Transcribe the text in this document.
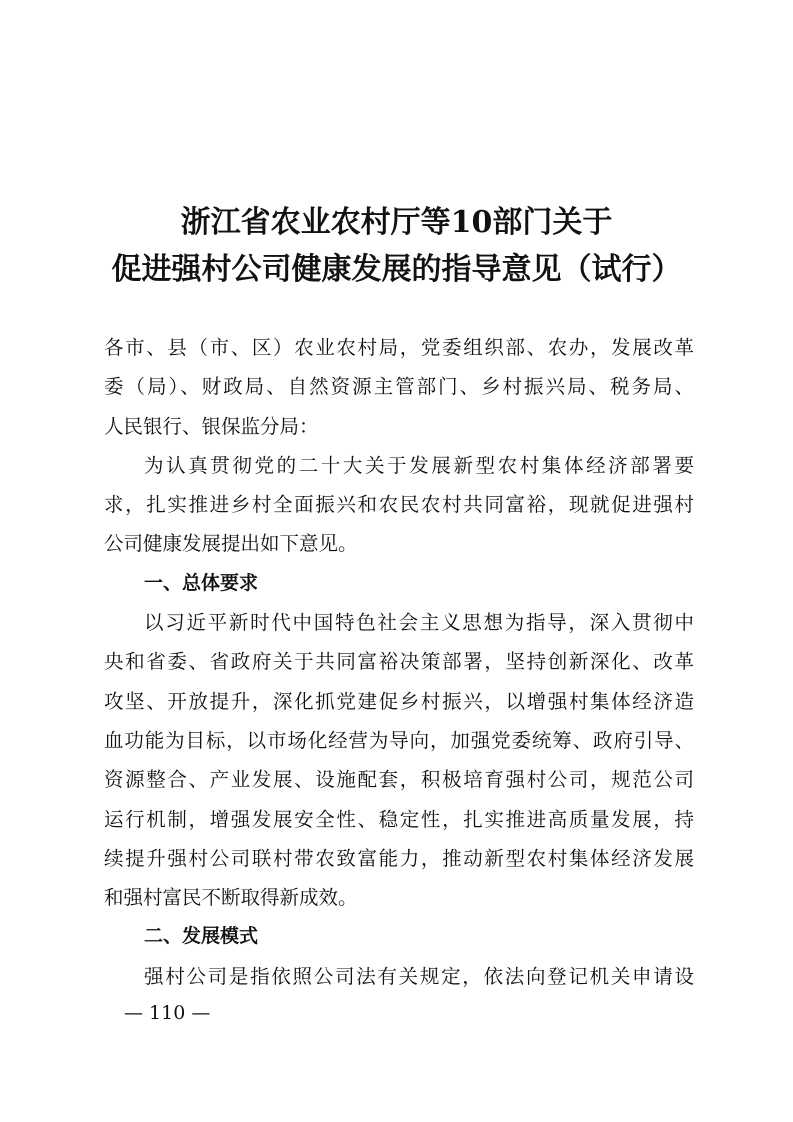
浙江省农业农村厅等10部门关于
促进强村公司健康发展的指导意见（试行）
各市、县（市、区）农业农村局，党委组织部、农办，发展改革
委（局）、财政局、自然资源主管部门、乡村振兴局、税务局、
人民银行、银保监分局：
为认真贯彻党的二十大关于发展新型农村集体经济部署要
求，扎实推进乡村全面振兴和农民农村共同富裕，现就促进强村
公司健康发展提出如下意见。
一、总体要求
以习近平新时代中国特色社会主义思想为指导，深入贯彻中
央和省委、省政府关于共同富裕决策部署，坚持创新深化、改革
攻坚、开放提升，深化抓党建促乡村振兴，以增强村集体经济造
血功能为目标，以市场化经营为导向，加强党委统筹、政府引导、
资源整合、产业发展、设施配套，积极培育强村公司，规范公司
运行机制，增强发展安全性、稳定性，扎实推进高质量发展，持
续提升强村公司联村带农致富能力，推动新型农村集体经济发展
和强村富民不断取得新成效。
二、发展模式
强村公司是指依照公司法有关规定，依法向登记机关申请设
— 110 —
